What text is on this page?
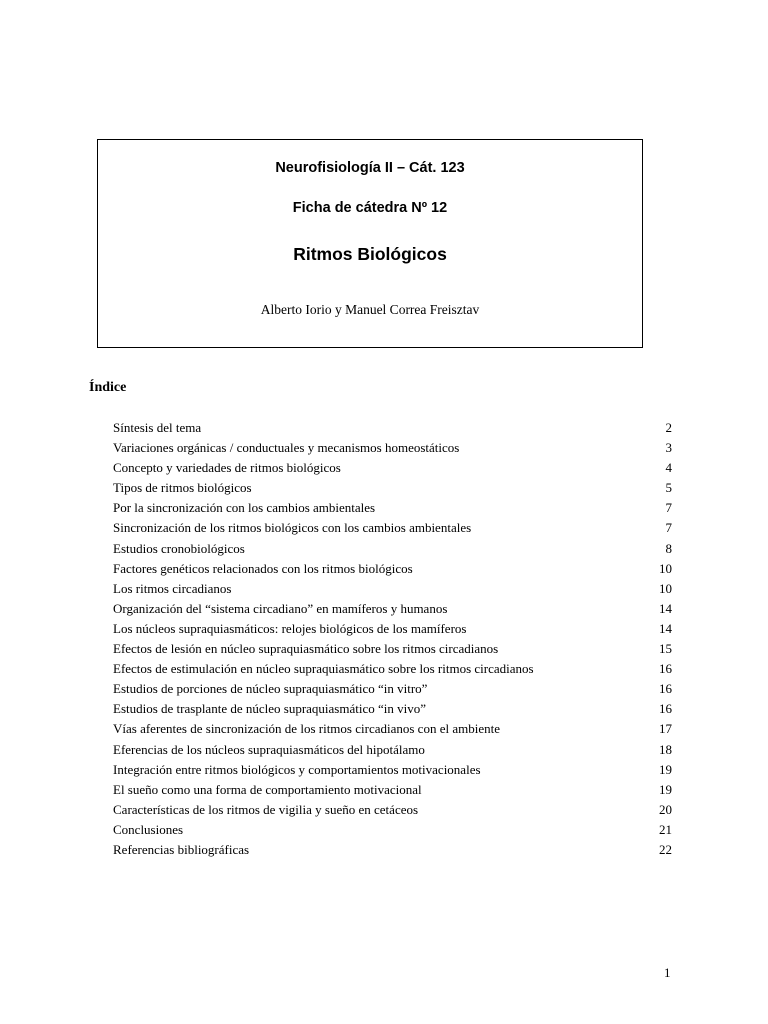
Neurofisiología II – Cát. 123
Ficha de cátedra Nº 12
Ritmos Biológicos
Alberto Iorio y Manuel Correa Freisztav
Índice
Síntesis del tema	2
Variaciones orgánicas / conductuales y mecanismos homeostáticos	3
Concepto y variedades de ritmos biológicos	4
Tipos de ritmos biológicos	5
Por la sincronización con los cambios ambientales	7
Sincronización de los ritmos biológicos con los cambios ambientales	7
Estudios cronobiológicos	8
Factores genéticos relacionados con los ritmos biológicos	10
Los ritmos circadianos	10
Organización del “sistema circadiano” en mamíferos y humanos	14
Los núcleos supraquiasmáticos: relojes biológicos de los mamíferos	14
Efectos de lesión en núcleo supraquiasmático sobre los ritmos circadianos	15
Efectos de estimulación en núcleo supraquiasmático sobre los ritmos circadianos	16
Estudios de porciones de núcleo supraquiasmático “in vitro”	16
Estudios de trasplante de núcleo supraquiasmático “in vivo”	16
Vías aferentes de sincronización de los ritmos circadianos con el ambiente	17
Eferencias de los núcleos supraquiasmáticos del hipotálamo	18
Integración entre ritmos biológicos y comportamientos motivacionales	19
El sueño como una forma de comportamiento motivacional	19
Características de los ritmos de vigilia y sueño en cetáceos	20
Conclusiones	21
Referencias bibliográficas	22
1
